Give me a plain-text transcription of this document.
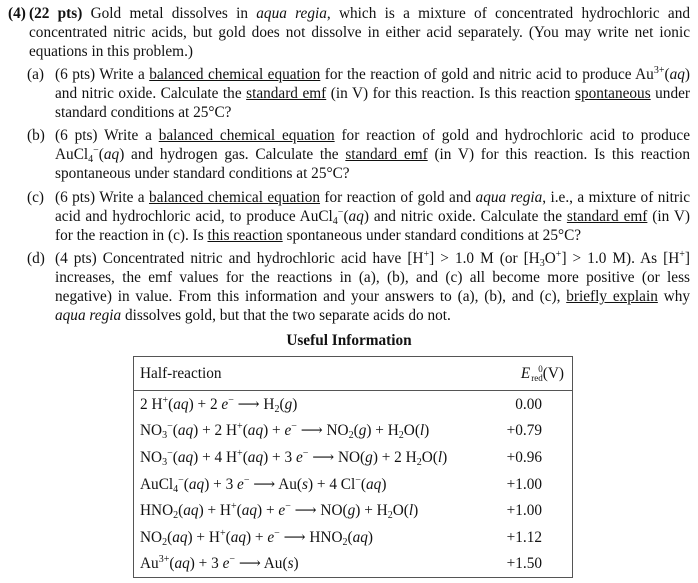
(4) (22 pts) Gold metal dissolves in aqua regia, which is a mixture of concentrated hydrochloric and concentrated nitric acids, but gold does not dissolve in either acid separately. (You may write net ionic equations in this problem.)
(a) (6 pts) Write a balanced chemical equation for the reaction of gold and nitric acid to produce $Au^{3+}(aq)$ and nitric oxide. Calculate the standard emf (in V) for this reaction. Is this reaction spontaneous under standard conditions at 25°C?
(b) (6 pts) Write a balanced chemical equation for reaction of gold and hydrochloric acid to produce AuCl4−(aq) and hydrogen gas. Calculate the standard emf (in V) for this reaction. Is this reaction spontaneous under standard conditions at 25°C?
(c) (6 pts) Write a balanced chemical equation for reaction of gold and aqua regia, i.e., a mixture of nitric acid and hydrochloric acid, to produce AuCl4−(aq) and nitric oxide. Calculate the standard emf (in V) for the reaction in (c). Is this reaction spontaneous under standard conditions at 25°C?
(d) (4 pts) Concentrated nitric and hydrochloric acid have [H+] > 1.0 M (or [H3O+] > 1.0 M). As [H+] increases, the emf values for the reactions in (a), (b), and (c) all become more positive (or less negative) in value. From this information and your answers to (a), (b), and (c), briefly explain why aqua regia dissolves gold, but that the two separate acids do not.
Useful Information
Half-reaction	E 0
red (V)
2 H+(aq) + 2 e− ⟶ H2(g)	0.00
NO3−(aq) + 2 H+(aq) + e− ⟶ NO2(g) + H2O(l)	+0.79
NO3−(aq) + 4 H+(aq) + 3 e− ⟶ NO(g) + 2 H2O(l)	+0.96
AuCl4−(aq) + 3 e− ⟶ Au(s) + 4 Cl−(aq)	+1.00
HNO2(aq) + H+(aq) + e− ⟶ NO(g) + H2O(l)	+1.00
NO2(aq) + H+(aq) + e− ⟶ HNO2(aq)	+1.12
$Au^{3+}(aq) + 3$ e− ⟶ Au(s)	+1.50
